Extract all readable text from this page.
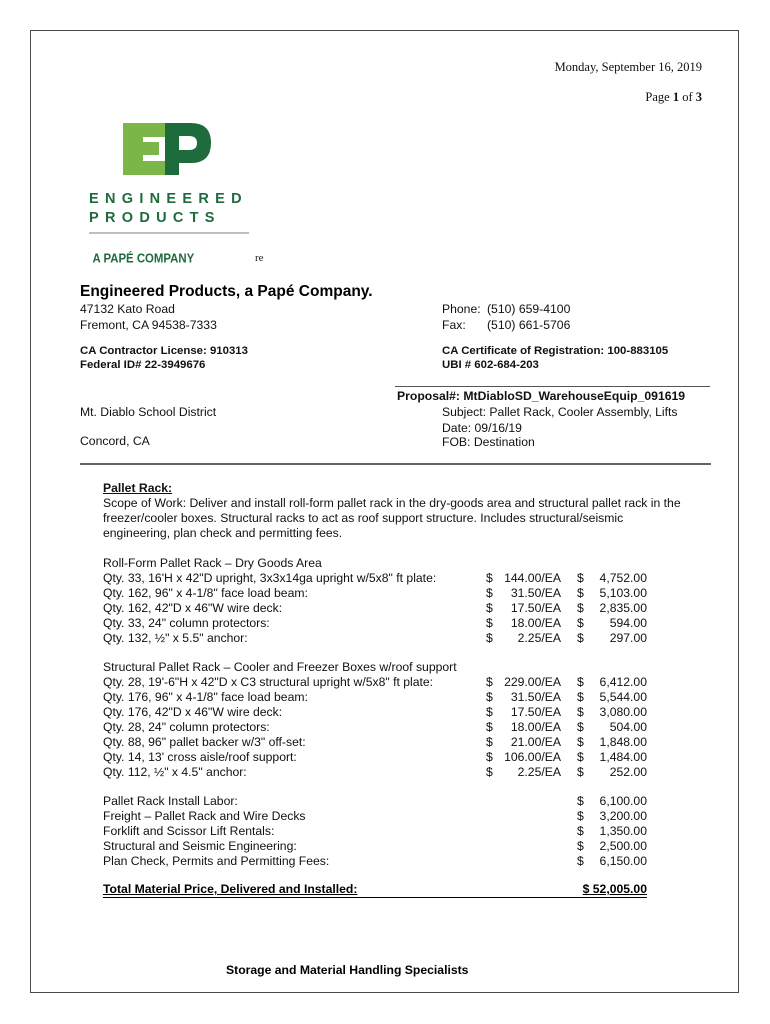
Monday, September 16, 2019
Page 1 of 3
ENGINEERED
PRODUCTS
A PAPÉ COMPANY	re
Engineered Products, a Papé Company.
47132 Kato Road
Fremont, CA 94538-7333
Phone: (510) 659-4100
Fax: (510) 661-5706
CA Contractor License: 910313
Federal ID# 22-3949676
CA Certificate of Registration: 100-883105
UBI # 602-684-203
Proposal#: MtDiabloSD_WarehouseEquip_091619
Subject: Pallet Rack, Cooler Assembly, Lifts
Date: 09/16/19
FOB: Destination
Mt. Diablo School District
Concord, CA
Pallet Rack:
Scope of Work: Deliver and install roll-form pallet rack in the dry-goods area and structural pallet rack in the
freezer/cooler boxes. Structural racks to act as roof support structure. Includes structural/seismic
engineering, plan check and permitting fees.
Roll-Form Pallet Rack – Dry Goods Area
Structural Pallet Rack – Cooler and Freezer Boxes w/roof support
Total Material Price, Delivered and Installed:	$ 52,005.00
Storage and Material Handling Specialists
Qty. 33, 16'H x 42"D upright, 3x3x14ga upright w/5x8" ft plate:	$ 144.00/EA $	4,752.00
Qty. 162, 96" x 4-1/8" face load beam:	$	31.50/EA $	5,103.00
Qty. 162, 42"D x 46"W wire deck:	$	17.50/EA $	2,835.00
Qty. 33, 24" column protectors:	$	18.00/EA $	594.00
Qty. 132, ½" x 5.5" anchor:	$	2.25/EA $	297.00
Qty. 28, 19'-6"H x 42"D x C3 structural upright w/5x8" ft plate:	$ 229.00/EA $	6,412.00
Qty. 176, 96" x 4-1/8" face load beam:	$	31.50/EA $	5,544.00
Qty. 176, 42"D x 46"W wire deck:	$	17.50/EA $	3,080.00
Qty. 28, 24" column protectors:	$	18.00/EA $	504.00
Qty. 88, 96" pallet backer w/3" off-set:	$	21.00/EA $	1,848.00
Qty. 14, 13' cross aisle/roof support:	$ 106.00/EA $	1,484.00
Qty. 112, ½" x 4.5" anchor:	$	2.25/EA $	252.00
Pallet Rack Install Labor:	$	6,100.00
Freight – Pallet Rack and Wire Decks	$	3,200.00
Forklift and Scissor Lift Rentals:	$	1,350.00
Structural and Seismic Engineering:	$	2,500.00
Plan Check, Permits and Permitting Fees:	$	6,150.00
